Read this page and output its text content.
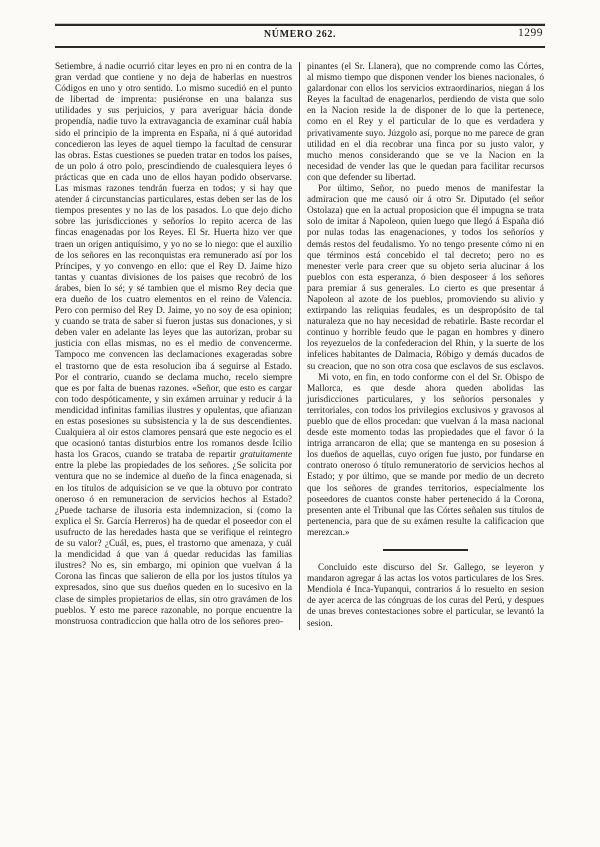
NÚMERO 262.	1299

Setiembre, á nadie ocurrió citar leyes en pro ni en contra de la gran verdad que contiene y no deja de haberlas en nuestros Códigos en uno y otro sentido. Lo mismo sucedió en el punto de libertad de imprenta: pusiéronse en una balanza sus utilidades y sus perjuicios, y para averiguar hácia donde propendía, nadie tuvo la extravagancia de examinar cuál había sido el principio de la imprenta en España, ni á qué autoridad concedieron las leyes de aquel tiempo la facultad de censurar las obras. Estas cuestiones se pueden tratar en todos los países, de un polo á otro polo, prescindiendo de cualesquiera leyes ó prácticas que en cada uno de ellos hayan podido observarse. Las mismas razones tendrán fuerza en todos; y si hay que atender á circunstancias particulares, estas deben ser las de los tiempos presentes y no las de los pasados. Lo que dejo dicho sobre las jurisdicciones y señoríos lo repito acerca de las fincas enagenadas por los Reyes. El Sr. Huerta hizo ver que traen un orígen antiquísimo, y yo no se lo niego: que el auxilio de los señores en las reconquistas era remunerado así por los Príncipes, y yo convengo en ello: que el Rey D. Jaime hizo tantas y cuantas divisiones de los paises que recobró de los árabes, bien lo sé; y sé tambien que el mismo Rey decia que era dueño de los cuatro elementos en el reino de Valencia. Pero con permiso del Rey D. Jaime, yo no soy de esa opinion; y cuando se trata de saber si fueron justas sus donaciones, y si deben valer en adelante las leyes que las autorizan, probar su justicia con ellas mismas, no es el medio de convencerme. Tampoco me convencen las declamaciones exageradas sobre el trastorno que de esta resolucion iba á seguirse al Estado. Por el contrario, cuando se declama mucho, recelo siempre que es por falta de buenas razones. «Señor, que esto es cargar con todo despóticamente, y sin exámen arruinar y reducir á la mendicidad infinitas familias ilustres y opulentas, que afianzan en estas posesiones su subsistencia y la de sus descendientes. Cualquiera al oir estos clamores pensará que este negocio es el que ocasionó tantas disturbios entre los romanos desde Icilio hasta los Gracos, cuando se trataba de repartir gratuitamente entre la plebe las propiedades de los señores. ¿Se solicita por ventura que no se indemice al dueño de la finca enagenada, si en los títulos de adquisicion se ve que la obtuvo por contrato oneroso ó en remuneracion de servicios hechos al Estado? ¿Puede tacharse de ilusoria esta indemnizacion, si (como la explica el Sr. García Herreros) ha de quedar el poseedor con el usufructo de las heredades hasta que se verifique el reintegro de su valor? ¿Cuál, es, pues, el trastorno que amenaza, y cuál la mendicidad á que van á quedar reducidas las familias ilustres? No es, sin embargo, mi opinion que vuelvan á la Corona las fincas que salieron de ella por los justos títulos ya expresados, sino que sus dueños queden en lo sucesivo en la clase de simples propietarios de ellas, sin otro gravámen de los pueblos. Y esto me parece razonable, no porque encuentre la monstruosa contradiccion que halla otro de los señores preo-

pinantes (el Sr. Llanera), que no comprende como las Córtes, al mismo tiempo que disponen vender los bienes nacionales, ó galardonar con ellos los servicios extraordinarios, niegan á los Reyes la facultad de enagenarlos, perdiendo de vista que solo en la Nacion reside la de disponer de lo que la pertenece, como en el Rey y el particular de lo que es verdadera y privativamente suyo. Júzgolo así, porque no me parece de gran utilidad en el dia recobrar una finca por su justo valor, y mucho menos considerando que se ve la Nacion en la necesidad de vender las que le quedan para facilitar recursos con que defender su libertad.

Por último, Señor, no puedo menos de manifestar la admiracion que me causó oir á otro Sr. Diputado (el señor Ostolaza) que en la actual proposicion que él impugna se trata solo de imitar á Napoleon, quien luego que llegó á España dió por nulas todas las enagenaciones, y todos los señoríos y demás restos del feudalismo. Yo no tengo presente cómo ni en que términos está concebido el tal decreto; pero no es menester verle para creer que su objeto seria alucinar á los pueblos con esta esperanza, ó bien desposeer á los señores para premiar á sus generales. Lo cierto es que presentar á Napoleon al azote de los pueblos, promoviendo su alivio y extirpando las reliquias feudales, es un despropósito de tal naturaleza que no hay necesidad de rebatirle. Baste recordar el continuo y horrible feudo que le pagan en hombres y dinero los reyezuelos de la confederacion del Rhin, y la suerte de los infelices habitantes de Dalmacia, Róbigo y demás ducados de su creacion, que no son otra cosa que esclavos de sus esclavos.

Mi voto, en fin, en todo conforme con el del Sr. Obispo de Mallorca, es que desde ahora queden abolidas las jurisdicciones particulares, y los señoríos personales y territoriales, con todos los privilegios exclusivos y gravosos al pueblo que de ellos procedan: que vuelvan á la masa nacional desde este momento todas las propiedades que el favor ó la intriga arrancaron de ella; que se mantenga en su posesion á los dueños de aquellas, cuyo orígen fue justo, por fundarse en contrato oneroso ó título remuneratorio de servicios hechos al Estado; y por último, que se mande por medio de un decreto que los señores de grandes territorios, especialmente los poseedores de cuantos conste haber pertenecido á la Corona, presenten ante el Tribunal que las Córtes señalen sus títulos de pertenencia, para que de su exámen resulte la calificacion que merezcan.»

Concluido este discurso del Sr. Gallego, se leyeron y mandaron agregar á las actas los votos particulares de los Sres. Mendiola é Inca-Yupanqui, contrarios á lo resuelto en sesion de ayer acerca de las cóngruas de los curas del Perú, y despues de unas breves contestaciones sobre el particular, se levantó la sesion.
